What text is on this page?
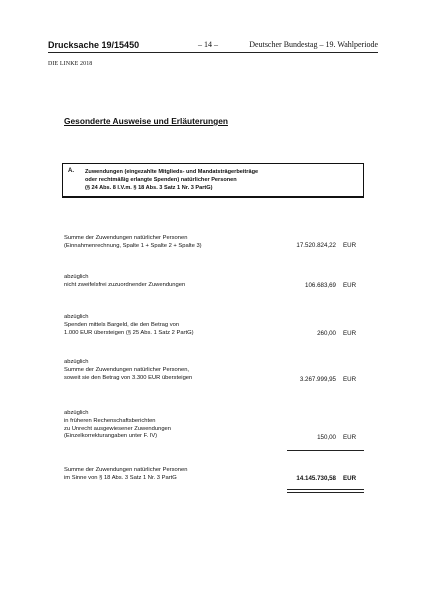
Drucksache 19/15450	– 14 –	Deutscher Bundestag – 19. Wahlperiode
DIE LINKE 2018
Gesonderte Ausweise und Erläuterungen
A. Zuwendungen (eingezahlte Mitglieds- und Mandatsträgerbeiträge
oder rechtmäßig erlangte Spenden) natürlicher Personen
(§ 24 Abs. 8 I.V.m. § 18 Abs. 3 Satz 1 Nr. 3 PartG)
Summe der Zuwendungen natürlicher Personen
(Einnahmenrechnung, Spalte 1 + Spalte 2 + Spalte 3)	17.520.824,22 EUR
abzüglich
nicht zweifelsfrei zuzuordnender Zuwendungen	106.683,69 EUR
abzüglich
Spenden mittels Bargeld, die den Betrag von
1.000 EUR übersteigen (§ 25 Abs. 1 Satz 2 PartG)	260,00 EUR
abzüglich
Summe der Zuwendungen natürlicher Personen,
soweit sie den Betrag von 3.300 EUR übersteigen	3.267.999,95 EUR
abzüglich
in früheren Rechenschaftsberichten
zu Unrecht ausgewiesener Zuwendungen
(Einzelkorrekturangaben unter F. IV)	150,00 EUR
Summe der Zuwendungen natürlicher Personen
im Sinne von § 18 Abs. 3 Satz 1 Nr. 3 PartG	14.145.730,58 EUR
